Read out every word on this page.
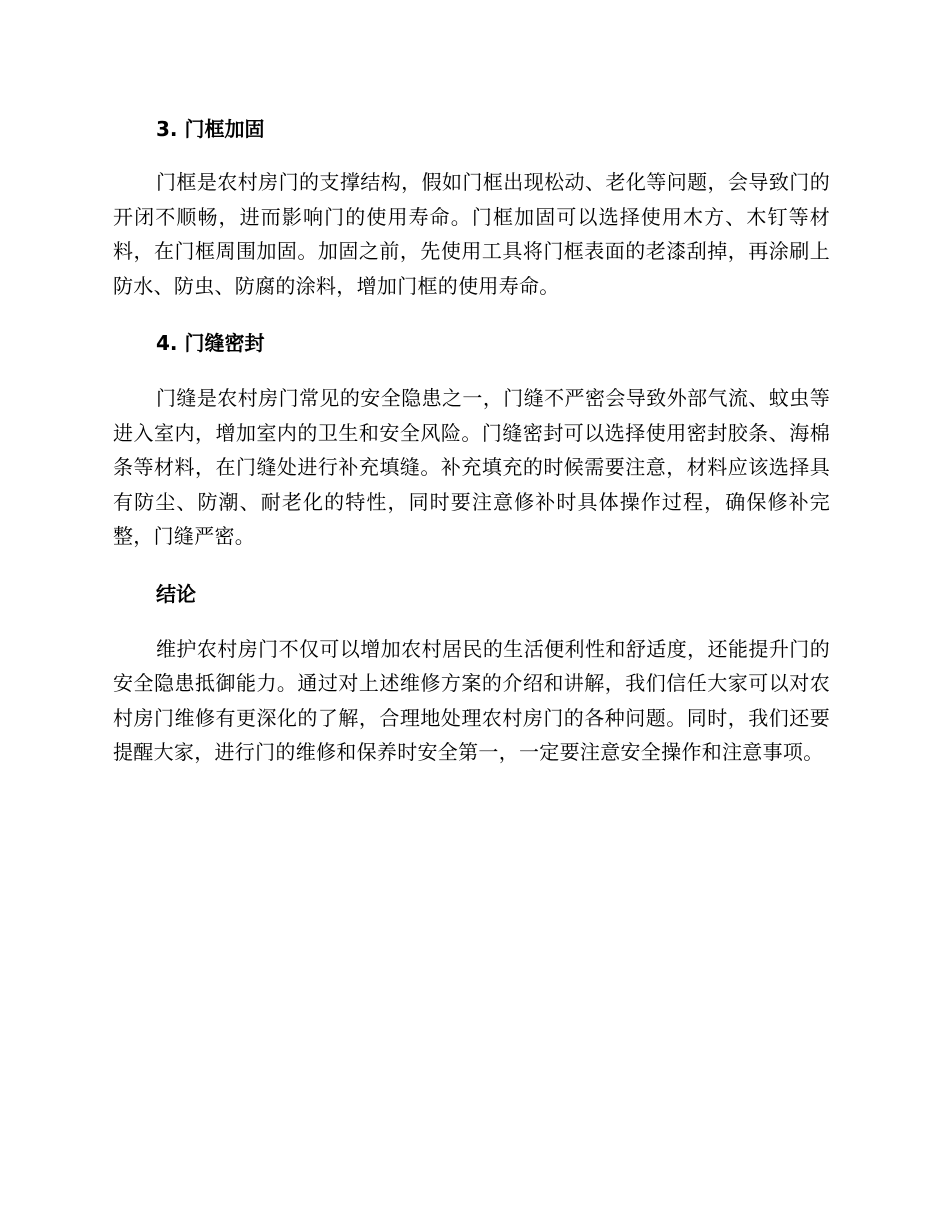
3. 门框加固

门框是农村房门的支撑结构，假如门框出现松动、老化等问题，会导致门的开闭不顺畅，进而影响门的使用寿命。门框加固可以选择使用木方、木钉等材料，在门框周围加固。加固之前，先使用工具将门框表面的老漆刮掉，再涂刷上防水、防虫、防腐的涂料，增加门框的使用寿命。

4. 门缝密封

门缝是农村房门常见的安全隐患之一，门缝不严密会导致外部气流、蚊虫等进入室内，增加室内的卫生和安全风险。门缝密封可以选择使用密封胶条、海棉条等材料，在门缝处进行补充填缝。补充填充的时候需要注意，材料应该选择具有防尘、防潮、耐老化的特性，同时要注意修补时具体操作过程，确保修补完整，门缝严密。

结论

维护农村房门不仅可以增加农村居民的生活便利性和舒适度，还能提升门的安全隐患抵御能力。通过对上述维修方案的介绍和讲解，我们信任大家可以对农村房门维修有更深化的了解，合理地处理农村房门的各种问题。同时，我们还要提醒大家，进行门的维修和保养时安全第一，一定要注意安全操作和注意事项。
